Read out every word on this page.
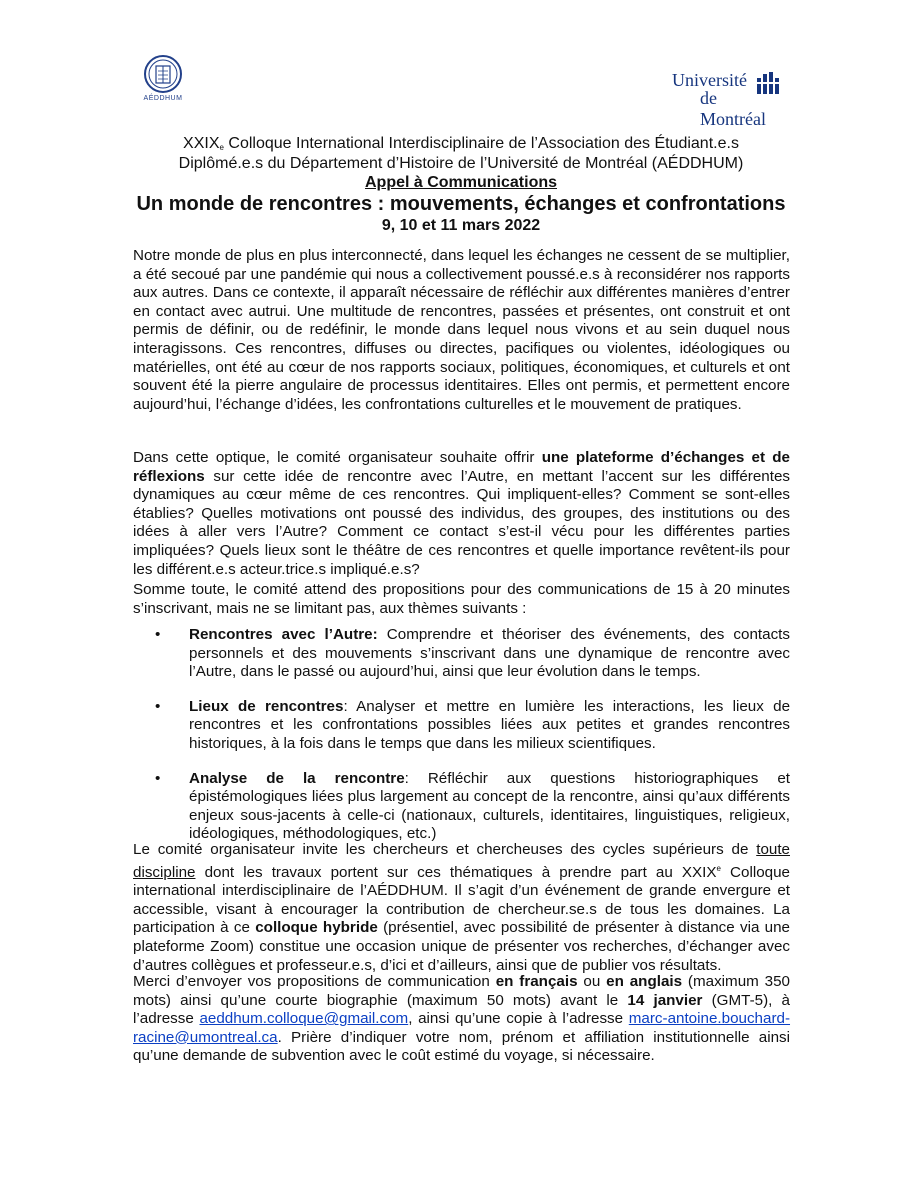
AÉDDHUM
Université
de Montréal
XXIXe Colloque International Interdisciplinaire de l’Association des Étudiant.e.s
Diplômé.e.s du Département d’Histoire de l’Université de Montréal (AÉDDHUM)
Appel à Communications
Un monde de rencontres : mouvements, échanges et confrontations
9, 10 et 11 mars 2022

Notre monde de plus en plus interconnecté, dans lequel les échanges ne cessent de se multiplier, a été secoué par une pandémie qui nous a collectivement poussé.e.s à reconsidérer nos rapports aux autres. Dans ce contexte, il apparaît nécessaire de réfléchir aux différentes manières d’entrer en contact avec autrui. Une multitude de rencontres, passées et présentes, ont construit et ont permis de définir, ou de redéfinir, le monde dans lequel nous vivons et au sein duquel nous interagissons. Ces rencontres, diffuses ou directes, pacifiques ou violentes, idéologiques ou matérielles, ont été au cœur de nos rapports sociaux, politiques, économiques, et culturels et ont souvent été la pierre angulaire de processus identitaires. Elles ont permis, et permettent encore aujourd’hui, l’échange d’idées, les confrontations culturelles et le mouvement de pratiques.

Dans cette optique, le comité organisateur souhaite offrir une plateforme d’échanges et de réflexions sur cette idée de rencontre avec l’Autre, en mettant l’accent sur les différentes dynamiques au cœur même de ces rencontres. Qui impliquent-elles? Comment se sont-elles établies? Quelles motivations ont poussé des individus, des groupes, des institutions ou des idées à aller vers l’Autre? Comment ce contact s’est-il vécu pour les différentes parties impliquées? Quels lieux sont le théâtre de ces rencontres et quelle importance revêtent-ils pour les différent.e.s acteur.trice.s impliqué.e.s?

Somme toute, le comité attend des propositions pour des communications de 15 à 20 minutes s’inscrivant, mais ne se limitant pas, aux thèmes suivants :

• Rencontres avec l’Autre: Comprendre et théoriser des événements, des contacts personnels et des mouvements s’inscrivant dans une dynamique de rencontre avec l’Autre, dans le passé ou aujourd’hui, ainsi que leur évolution dans le temps.
• Lieux de rencontres: Analyser et mettre en lumière les interactions, les lieux de rencontres et les confrontations possibles liées aux petites et grandes rencontres historiques, à la fois dans le temps que dans les milieux scientifiques.
• Analyse de la rencontre: Réfléchir aux questions historiographiques et épistémologiques liées plus largement au concept de la rencontre, ainsi qu’aux différents enjeux sous-jacents à celle-ci (nationaux, culturels, identitaires, linguistiques, religieux, idéologiques, méthodologiques, etc.)

Le comité organisateur invite les chercheurs et chercheuses des cycles supérieurs de toute discipline dont les travaux portent sur ces thématiques à prendre part au XXIXe Colloque international interdisciplinaire de l’AÉDDHUM. Il s’agit d’un événement de grande envergure et accessible, visant à encourager la contribution de chercheur.se.s de tous les domaines. La participation à ce colloque hybride (présentiel, avec possibilité de présenter à distance via une plateforme Zoom) constitue une occasion unique de présenter vos recherches, d’échanger avec d’autres collègues et professeur.e.s, d’ici et d’ailleurs, ainsi que de publier vos résultats.

Merci d’envoyer vos propositions de communication en français ou en anglais (maximum 350 mots) ainsi qu’une courte biographie (maximum 50 mots) avant le 14 janvier (GMT-5), à l’adresse aeddhum.colloque@gmail.com, ainsi qu’une copie à l’adresse marc-antoine.bouchard-racine@umontreal.ca. Prière d’indiquer votre nom, prénom et affiliation institutionnelle ainsi qu’une demande de subvention avec le coût estimé du voyage, si nécessaire.
